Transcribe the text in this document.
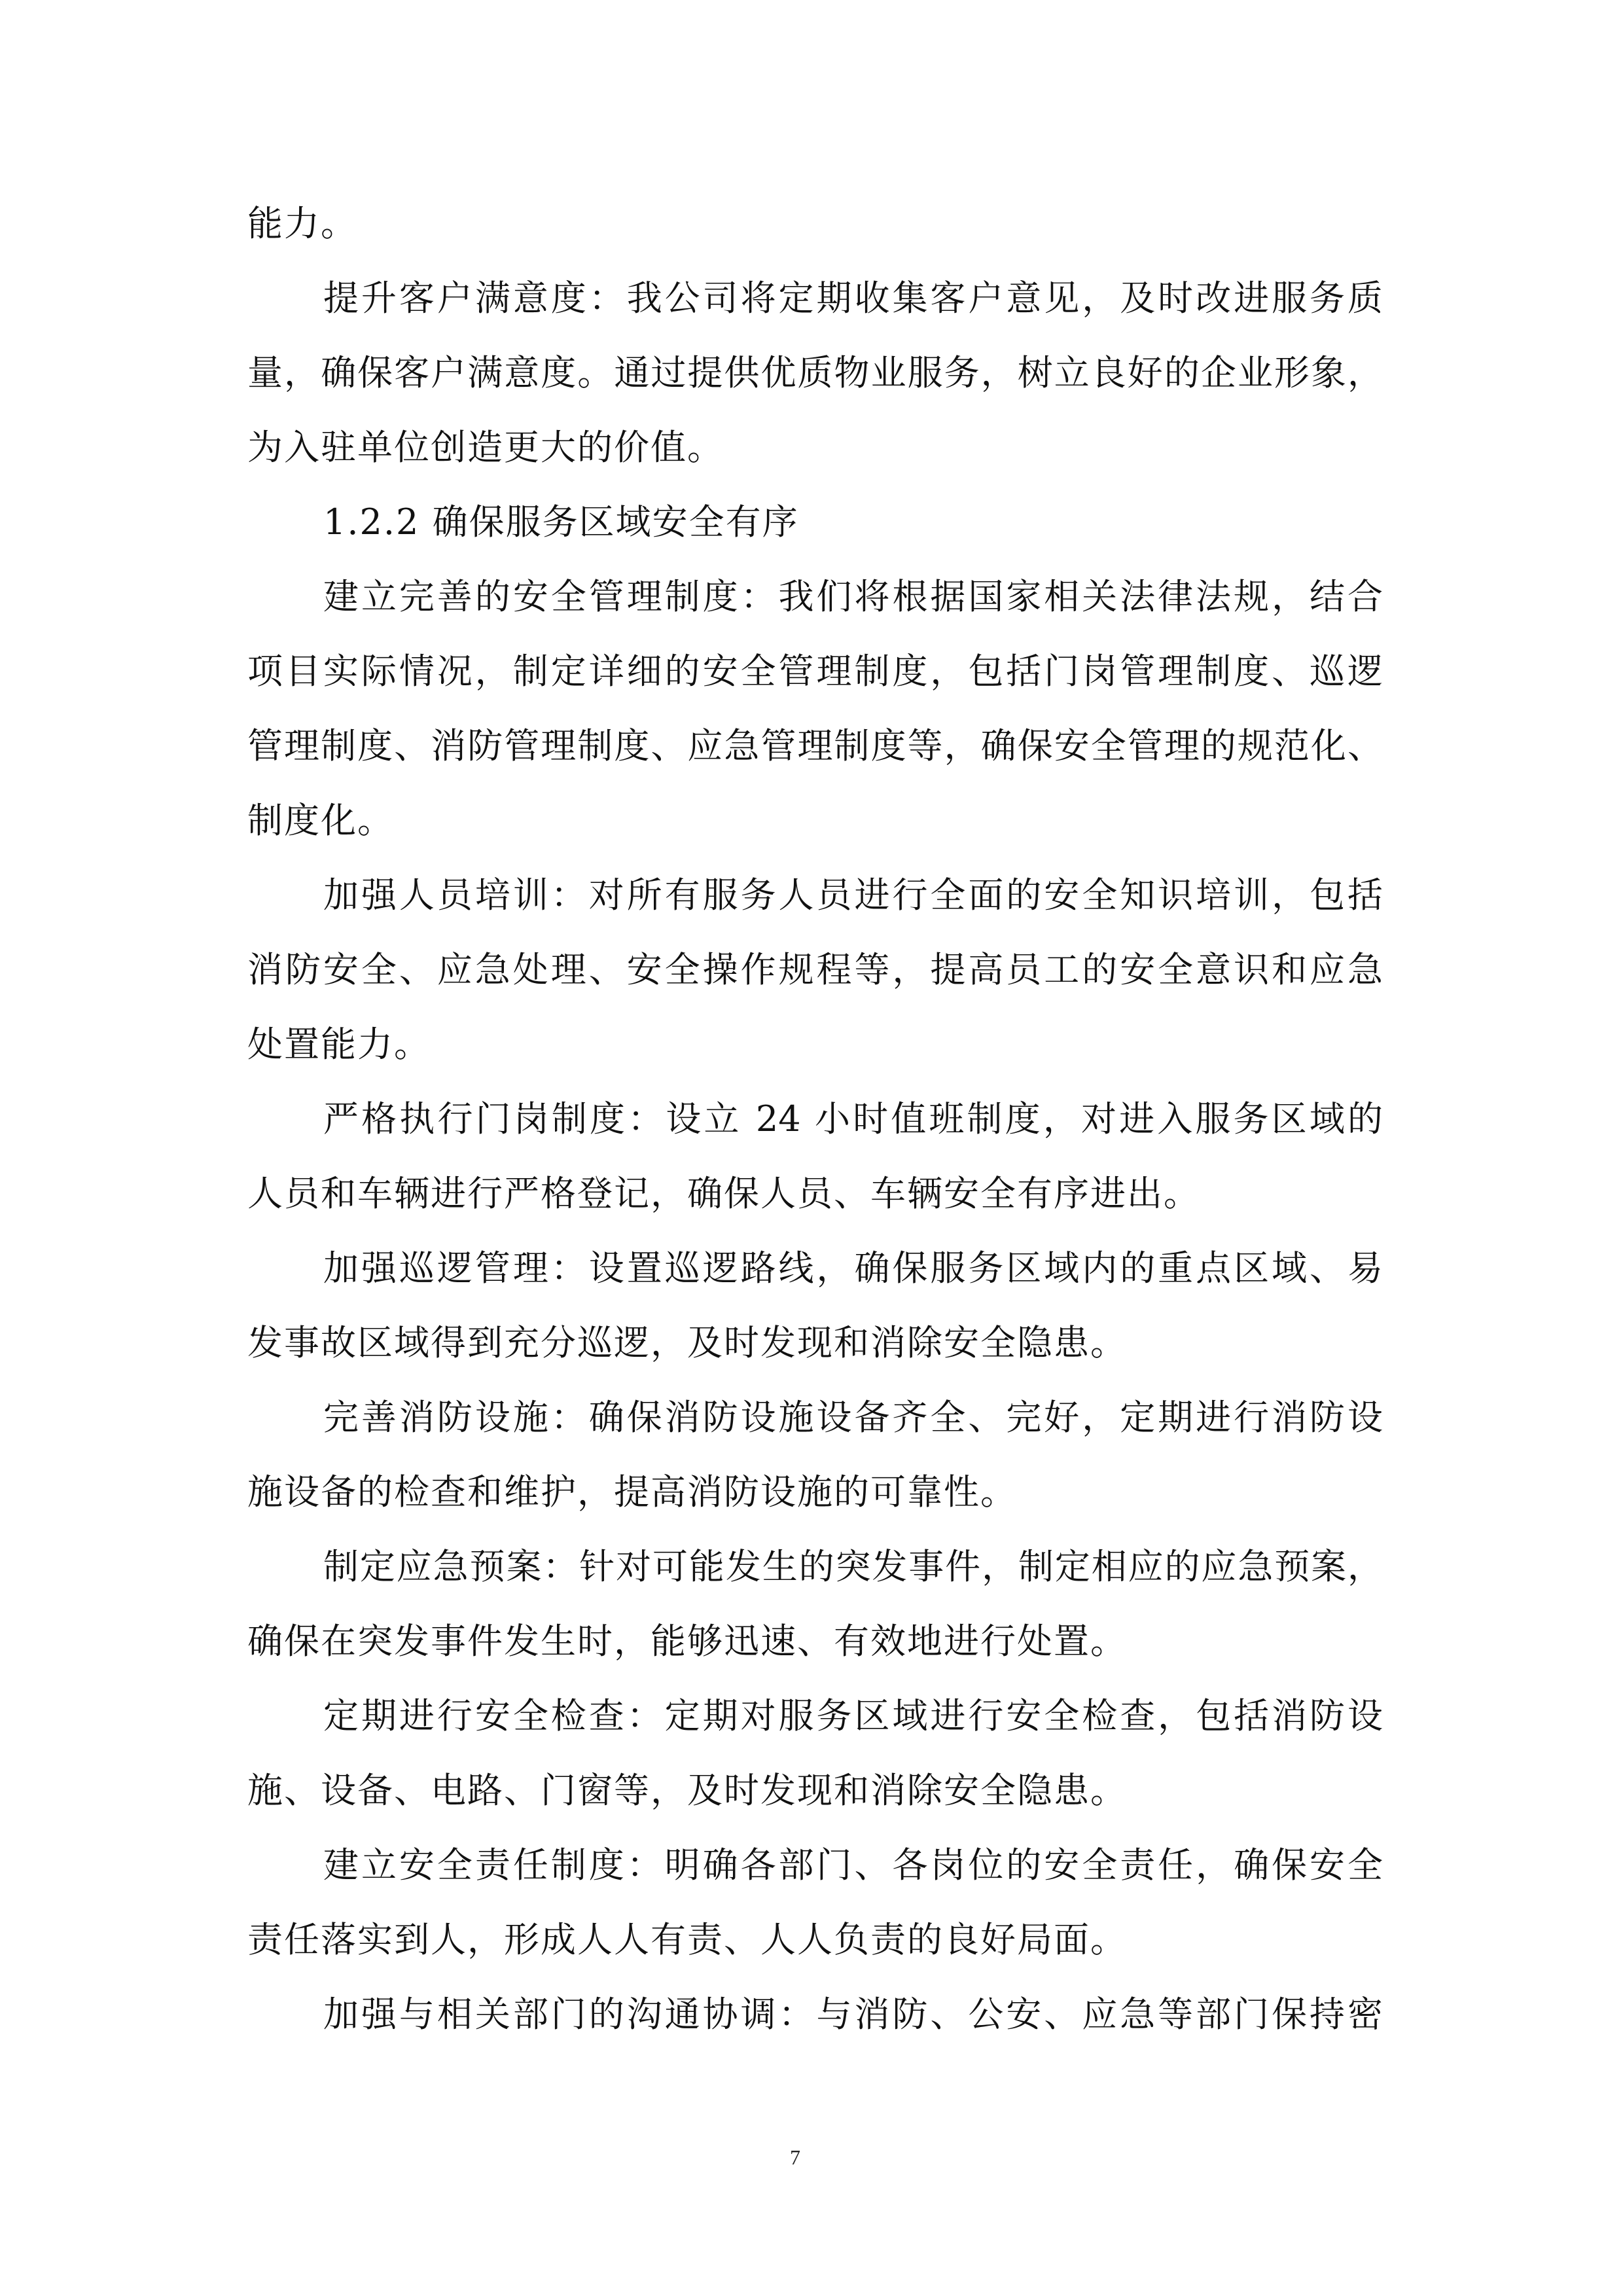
能力。

提升客户满意度：我公司将定期收集客户意见，及时改进服务质
量，确保客户满意度。通过提供优质物业服务，树立良好的企业形象，
为入驻单位创造更大的价值。

1.2.2 确保服务区域安全有序

建立完善的安全管理制度：我们将根据国家相关法律法规，结合
项目实际情况，制定详细的安全管理制度，包括门岗管理制度、巡逻
管理制度、消防管理制度、应急管理制度等，确保安全管理的规范化、
制度化。

加强人员培训：对所有服务人员进行全面的安全知识培训，包括
消防安全、应急处理、安全操作规程等，提高员工的安全意识和应急
处置能力。

严格执行门岗制度：设立 24 小时值班制度，对进入服务区域的
人员和车辆进行严格登记，确保人员、车辆安全有序进出。

加强巡逻管理：设置巡逻路线，确保服务区域内的重点区域、易
发事故区域得到充分巡逻，及时发现和消除安全隐患。

完善消防设施：确保消防设施设备齐全、完好，定期进行消防设
施设备的检查和维护，提高消防设施的可靠性。

制定应急预案：针对可能发生的突发事件，制定相应的应急预案，
确保在突发事件发生时，能够迅速、有效地进行处置。

定期进行安全检查：定期对服务区域进行安全检查，包括消防设
施、设备、电路、门窗等，及时发现和消除安全隐患。

建立安全责任制度：明确各部门、各岗位的安全责任，确保安全
责任落实到人，形成人人有责、人人负责的良好局面。

加强与相关部门的沟通协调：与消防、公安、应急等部门保持密

7
